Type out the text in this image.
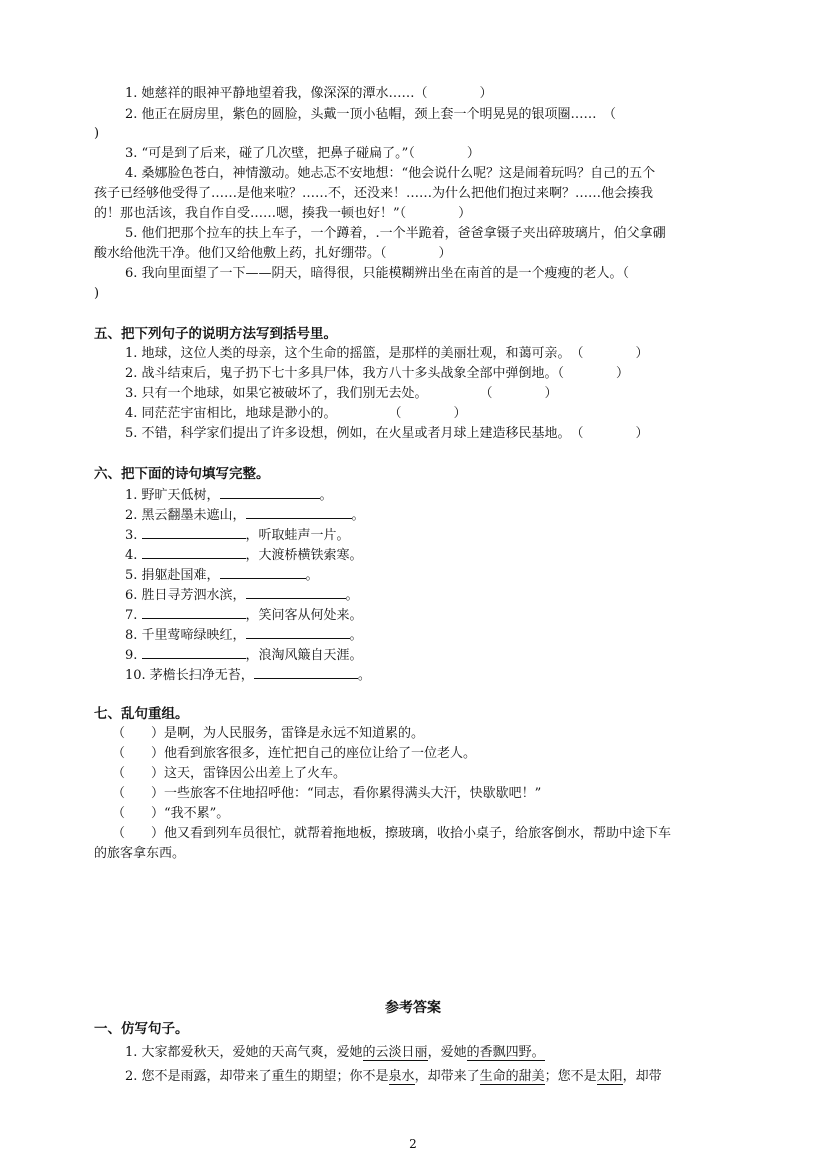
1. 她慈祥的眼神平静地望着我，像深深的潭水……（　　　　）
2. 他正在厨房里，紫色的圆脸，头戴一顶小毡帽，颈上套一个明晃晃的银项圈……　（
)
3. “可是到了后来，碰了几次壁，把鼻子碰扁了。”（　　　　）
4. 桑娜脸色苍白，神情激动。她忐忑不安地想：“他会说什么呢？这是闹着玩吗？自己的五个
孩子已经够他受得了……是他来啦？……不，还没来！……为什么把他们抱过来啊？……他会揍我
的！那也活该，我自作自受……嗯，揍我一顿也好！”（　　　　）
5. 他们把那个拉车的扶上车子，一个蹲着，.一个半跪着，爸爸拿镊子夹出碎玻璃片，伯父拿硼
酸水给他洗干净。他们又给他敷上药，扎好绷带。（　　　　）
6. 我向里面望了一下——阴天，暗得很，只能模糊辨出坐在南首的是一个瘦瘦的老人。（
)
五、把下列句子的说明方法写到括号里。
1. 地球，这位人类的母亲，这个生命的摇篮，是那样的美丽壮观，和蔼可亲。　（　　　　）
2. 战斗结束后，鬼子扔下七十多具尸体，我方八十多头战象全部中弹倒地。（　　　　）
3. 只有一个地球，如果它被破坏了，我们别无去处。　　　　　（　　　　）
4. 同茫茫宇宙相比，地球是渺小的。　　　　　（　　　　）
5. 不错，科学家们提出了许多设想，例如，在火星或者月球上建造移民基地。　（　　　　）
六、把下面的诗句填写完整。
1. 野旷天低树，	。
2. 黑云翻墨未遮山，	。
3.	，听取蛙声一片。
4.	，大渡桥横铁索寒。
5. 捐躯赴国难，	。
6. 胜日寻芳泗水滨，	。
7.	，笑问客从何处来。
8. 千里莺啼绿映红，	。
9.	，浪淘风簸自天涯。
10. 茅檐长扫净无苔，	。
七、乱句重组。
（　　）是啊，为人民服务，雷锋是永远不知道累的。
（　　）他看到旅客很多，连忙把自己的座位让给了一位老人。
（　　）这天，雷锋因公出差上了火车。
（　　）一些旅客不住地招呼他：“同志，看你累得满头大汗，快歇歇吧！”
（　　）“我不累”。
（　　）他又看到列车员很忙，就帮着拖地板，擦玻璃，收拾小桌子，给旅客倒水，帮助中途下车
的旅客拿东西。
参考答案
一、仿写句子。
1. 大家都爱秋天，爱她的天高气爽，爱她的云淡日丽，爱她的香飘四野。
2. 您不是雨露，却带来了重生的期望；你不是泉水，却带来了生命的甜美；您不是太阳，却带
2
